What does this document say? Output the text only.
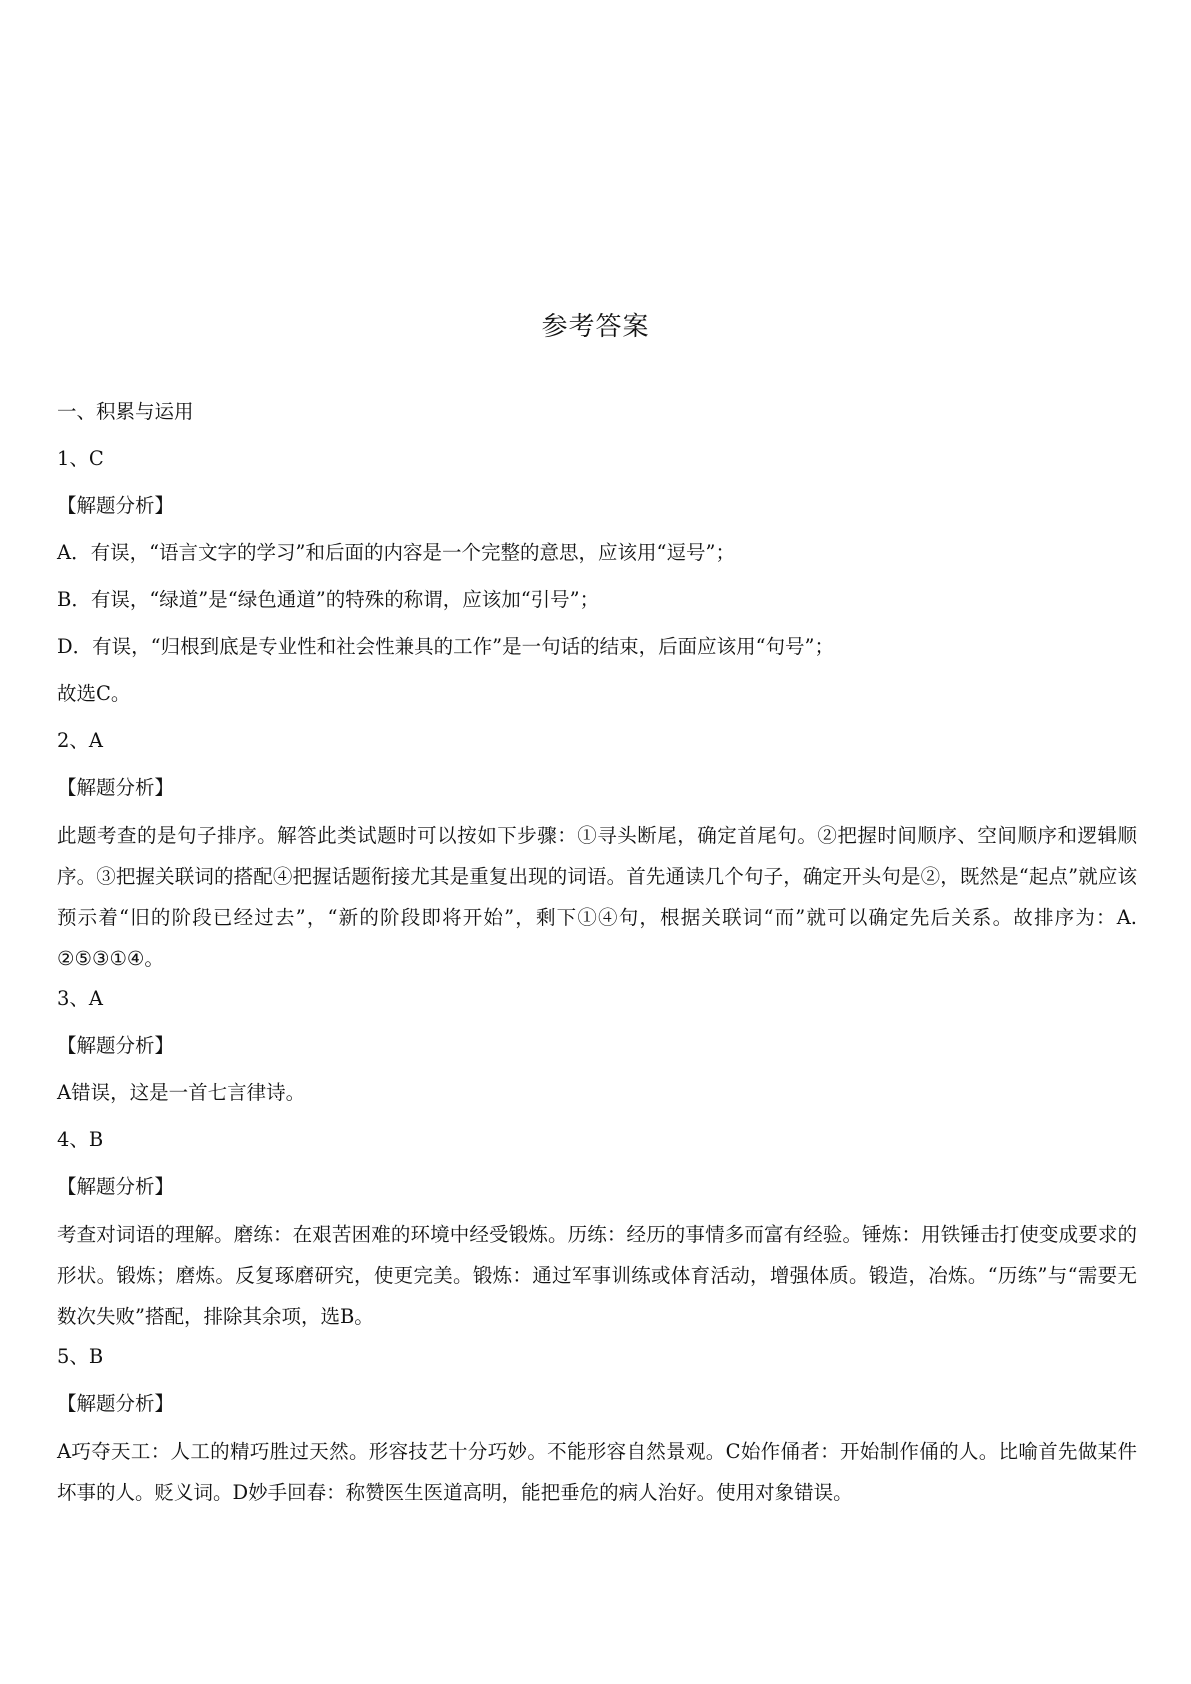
参考答案
一、积累与运用
1、C
【解题分析】
A．有误，“语言文字的学习”和后面的内容是一个完整的意思，应该用“逗号”；
B．有误，“绿道”是“绿色通道”的特殊的称谓，应该加“引号”；
D．有误，“归根到底是专业性和社会性兼具的工作”是一句话的结束，后面应该用“句号”；
故选C。
2、A
【解题分析】
此题考查的是句子排序。解答此类试题时可以按如下步骤：①寻头断尾，确定首尾句。②把握时间顺序、空间顺序和逻辑顺序。③把握关联词的搭配④把握话题衔接尤其是重复出现的词语。首先通读几个句子，确定开头句是②，既然是“起点”就应该预示着“旧的阶段已经过去”，“新的阶段即将开始”，剩下①④句，根据关联词“而”就可以确定先后关系。故排序为：A. ②⑤③①④。
3、A
【解题分析】
A错误，这是一首七言律诗。
4、B
【解题分析】
考查对词语的理解。磨练：在艰苦困难的环境中经受锻炼。历练：经历的事情多而富有经验。锤炼：用铁锤击打使变成要求的形状。锻炼；磨炼。反复琢磨研究，使更完美。锻炼：通过军事训练或体育活动，增强体质。锻造，冶炼。“历练”与“需要无数次失败”搭配，排除其余项，选B。
5、B
【解题分析】
A巧夺天工：人工的精巧胜过天然。形容技艺十分巧妙。不能形容自然景观。C始作俑者：开始制作俑的人。比喻首先做某件坏事的人。贬义词。D妙手回春：称赞医生医道高明，能把垂危的病人治好。使用对象错误。
